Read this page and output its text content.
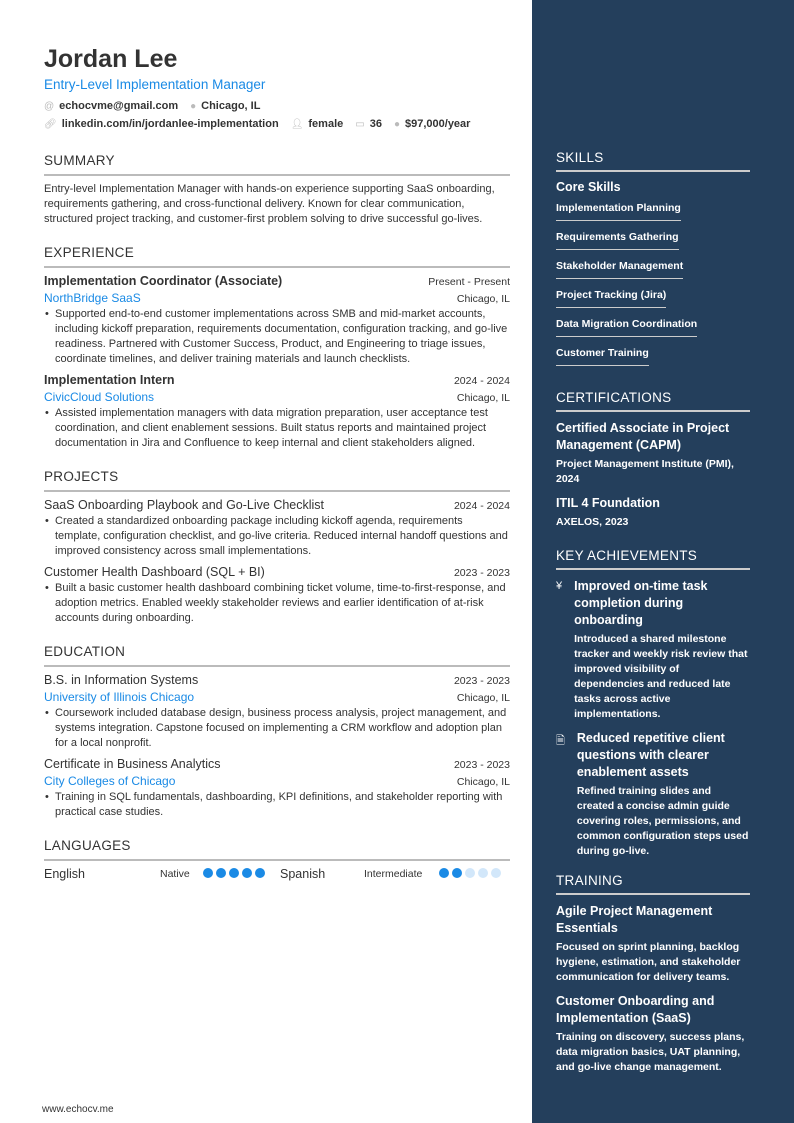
Jordan Lee
Entry-Level Implementation Manager
@ echocvme@gmail.com ● Chicago, IL
🔗︎ linkedin.com/in/jordanlee-implementation 👤︎ female ▭ 36 ● $97,000/year
SUMMARY
Entry-level Implementation Manager with hands-on experience supporting SaaS onboarding, requirements gathering, and cross-functional delivery. Known for clear communication, structured project tracking, and customer-first problem solving to drive successful go-lives.
EXPERIENCE
Implementation Coordinator (Associate)	Present - Present
NorthBridge SaaS	Chicago, IL
• Supported end-to-end customer implementations across SMB and mid-market accounts, including kickoff preparation, requirements documentation, configuration tracking, and go-live readiness. Partnered with Customer Success, Product, and Engineering to triage issues, coordinate timelines, and deliver training materials and launch checklists.
Implementation Intern	2024 - 2024
CivicCloud Solutions	Chicago, IL
• Assisted implementation managers with data migration preparation, user acceptance test coordination, and client enablement sessions. Built status reports and maintained project documentation in Jira and Confluence to keep internal and client stakeholders aligned.
PROJECTS
SaaS Onboarding Playbook and Go-Live Checklist	2024 - 2024
• Created a standardized onboarding package including kickoff agenda, requirements template, configuration checklist, and go-live criteria. Reduced internal handoff questions and improved consistency across small implementations.
Customer Health Dashboard (SQL + BI)	2023 - 2023
• Built a basic customer health dashboard combining ticket volume, time-to-first-response, and adoption metrics. Enabled weekly stakeholder reviews and earlier identification of at-risk accounts during onboarding.
EDUCATION
B.S. in Information Systems	2023 - 2023
University of Illinois Chicago	Chicago, IL
• Coursework included database design, business process analysis, project management, and systems integration. Capstone focused on implementing a CRM workflow and adoption plan for a local nonprofit.
Certificate in Business Analytics	2023 - 2023
City Colleges of Chicago	Chicago, IL
• Training in SQL fundamentals, dashboarding, KPI definitions, and stakeholder reporting with practical case studies.
LANGUAGES
English	Native	Spanish	Intermediate
SKILLS
Core Skills
Implementation Planning
Requirements Gathering
Stakeholder Management
Project Tracking (Jira)
Data Migration Coordination
Customer Training
CERTIFICATIONS
Certified Associate in Project Management (CAPM)
Project Management Institute (PMI), 2024
ITIL 4 Foundation
AXELOS, 2023
KEY ACHIEVEMENTS
¥ Improved on-time task completion during onboarding
Introduced a shared milestone tracker and weekly risk review that improved visibility of dependencies and reduced late tasks across active implementations.
🗎︎ Reduced repetitive client questions with clearer enablement assets
Refined training slides and created a concise admin guide covering roles, permissions, and common configuration steps used during go-live.
TRAINING
Agile Project Management Essentials
Focused on sprint planning, backlog hygiene, estimation, and stakeholder communication for delivery teams.
Customer Onboarding and Implementation (SaaS)
Training on discovery, success plans, data migration basics, UAT planning, and go-live change management.
www.echocv.me
